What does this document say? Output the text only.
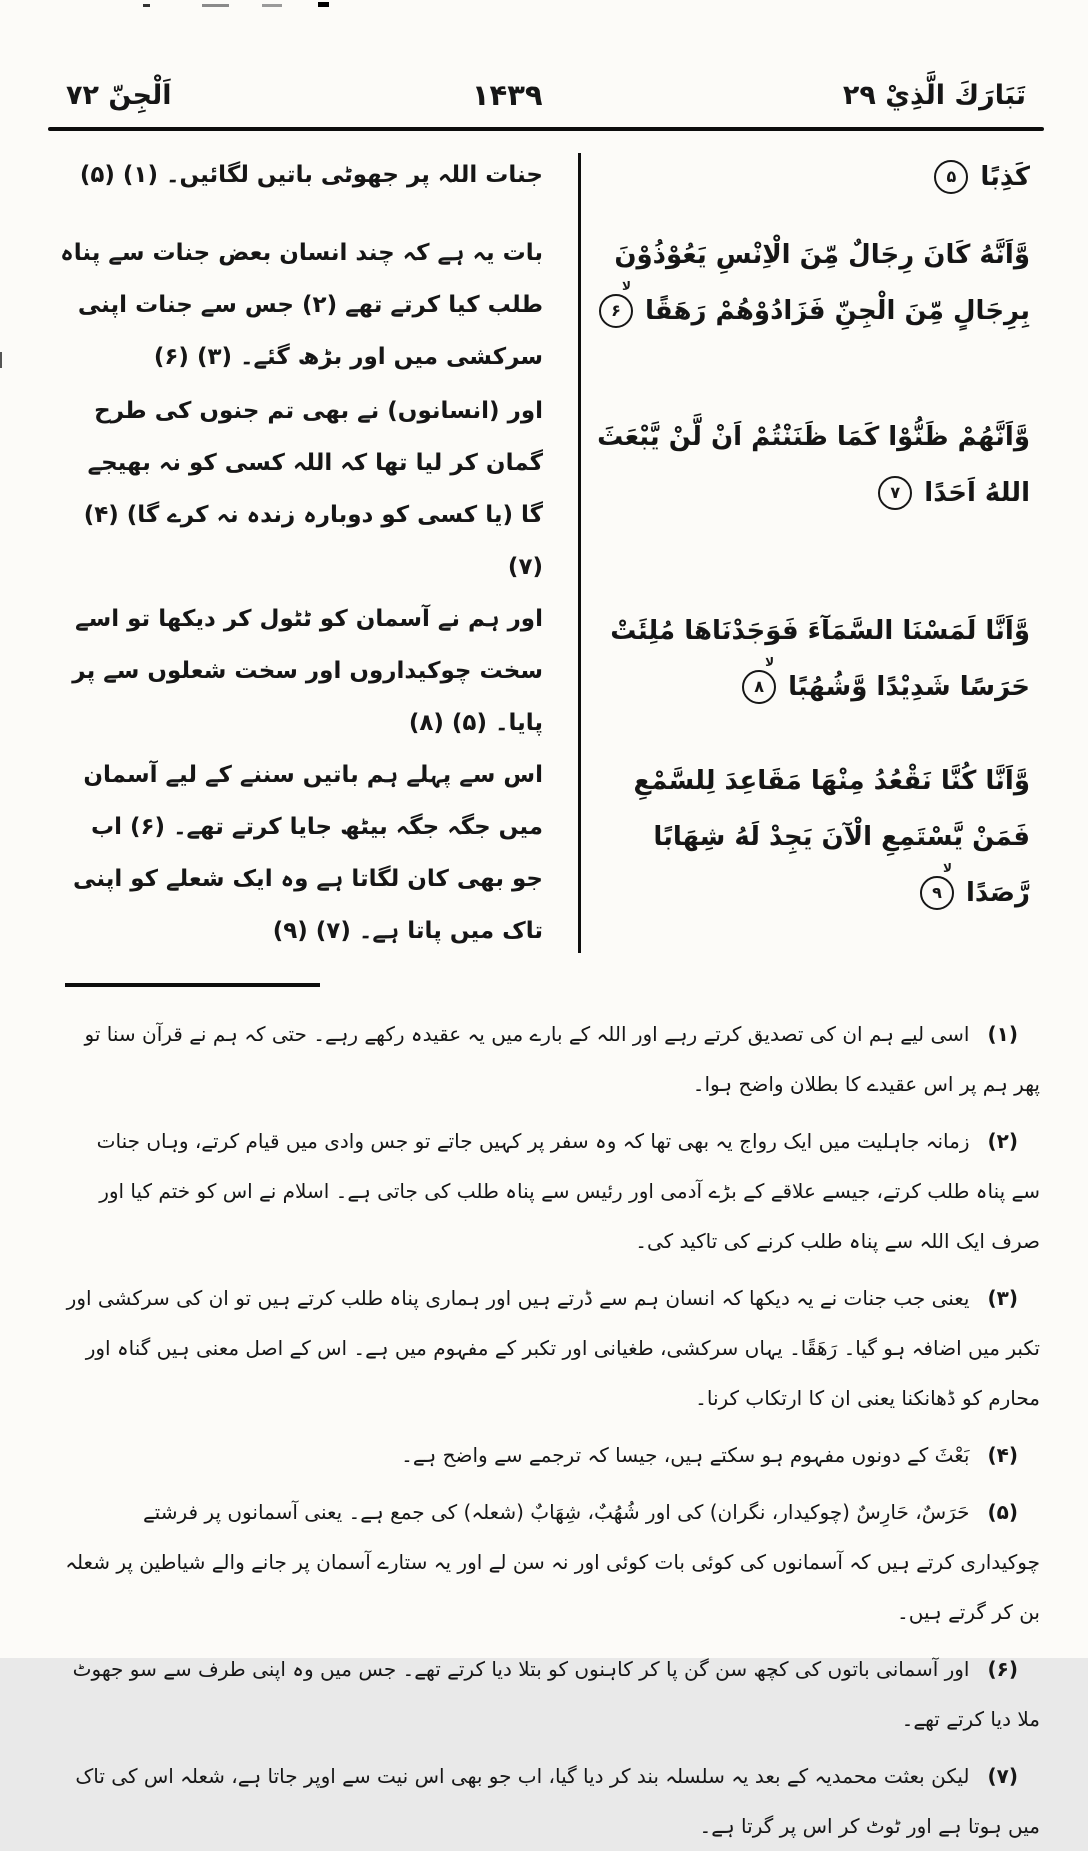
اَلْجِنّ ۷۲	۱۴۳۹	تَبَارَكَ الَّذِيْ ۲۹
كَذِبًا
۵
جنات اللہ پر جھوٹی باتیں لگائیں۔ (۱) (۵)
وَّاَنَّهُ كَانَ رِجَالٌ مِّنَ الْاِنْسِ يَعُوْذُوْنَ بِرِجَالٍ مِّنَ الْجِنِّ فَزَادُوْهُمْ رَهَقًا
لا
۶
بات یہ ہے کہ چند انسان بعض جنات سے پناہ طلب کیا کرتے تھے (۲) جس سے جنات اپنی سرکشی میں اور بڑھ گئے۔ (۳) (۶)
وَّاَنَّهُمْ ظَنُّوْا كَمَا ظَنَنْتُمْ اَنْ لَّنْ يَّبْعَثَ اللهُ اَحَدًا
۷
اور (انسانوں) نے بھی تم جنوں کی طرح گمان کر لیا تھا کہ اللہ کسی کو نہ بھیجے گا (یا کسی کو دوبارہ زندہ نہ کرے گا) (۴) (۷)
وَّاَنَّا لَمَسْنَا السَّمَآءَ فَوَجَدْنَاهَا مُلِئَتْ حَرَسًا شَدِيْدًا وَّشُهُبًا
لا
۸
اور ہم نے آسمان کو ٹٹول کر دیکھا تو اسے سخت چوکیداروں اور سخت شعلوں سے پر پایا۔ (۵) (۸)
وَّاَنَّا كُنَّا نَقْعُدُ مِنْهَا مَقَاعِدَ لِلسَّمْعِ فَمَنْ يَّسْتَمِعِ الْآنَ يَجِدْ لَهُ شِهَابًا رَّصَدًا
لا
۹
اس سے پہلے ہم باتیں سننے کے لیے آسمان میں جگہ جگہ بیٹھ جایا کرتے تھے۔ (۶) اب جو بھی کان لگاتا ہے وہ ایک شعلے کو اپنی تاک میں پاتا ہے۔ (۷) (۹)
(۱)اسی لیے ہم ان کی تصدیق کرتے رہے اور اللہ کے بارے میں یہ عقیدہ رکھے رہے۔ حتی کہ ہم نے قرآن سنا تو پھر ہم پر اس عقیدے کا بطلان واضح ہوا۔
(۲)زمانہ جاہلیت میں ایک رواج یہ بھی تھا کہ وہ سفر پر کہیں جاتے تو جس وادی میں قیام کرتے، وہاں جنات سے پناہ طلب کرتے، جیسے علاقے کے بڑے آدمی اور رئیس سے پناہ طلب کی جاتی ہے۔ اسلام نے اس کو ختم کیا اور صرف ایک اللہ سے پناہ طلب کرنے کی تاکید کی۔
(۳)یعنی جب جنات نے یہ دیکھا کہ انسان ہم سے ڈرتے ہیں اور ہماری پناہ طلب کرتے ہیں تو ان کی سرکشی اور تکبر میں اضافہ ہو گیا۔ رَهَقًا۔ یہاں سرکشی، طغیانی اور تکبر کے مفہوم میں ہے۔ اس کے اصل معنی ہیں گناہ اور محارم کو ڈھانکنا یعنی ان کا ارتکاب کرنا۔
(۴)بَعْثَ کے دونوں مفہوم ہو سکتے ہیں، جیسا کہ ترجمے سے واضح ہے۔
(۵)حَرَسٌ، حَارِسٌ (چوکیدار، نگران) کی اور شُهُبٌ، شِهَابٌ (شعلہ) کی جمع ہے۔ یعنی آسمانوں پر فرشتے چوکیداری کرتے ہیں کہ آسمانوں کی کوئی بات کوئی اور نہ سن لے اور یہ ستارے آسمان پر جانے والے شیاطین پر شعلہ بن کر گرتے ہیں۔
(۶)اور آسمانی باتوں کی کچھ سن گن پا کر کاہنوں کو بتلا دیا کرتے تھے۔ جس میں وہ اپنی طرف سے سو جھوٹ ملا دیا کرتے تھے۔
(۷)لیکن بعثت محمدیہ کے بعد یہ سلسلہ بند کر دیا گیا، اب جو بھی اس نیت سے اوپر جاتا ہے، شعلہ اس کی تاک میں ہوتا ہے اور ٹوٹ کر اس پر گرتا ہے۔
